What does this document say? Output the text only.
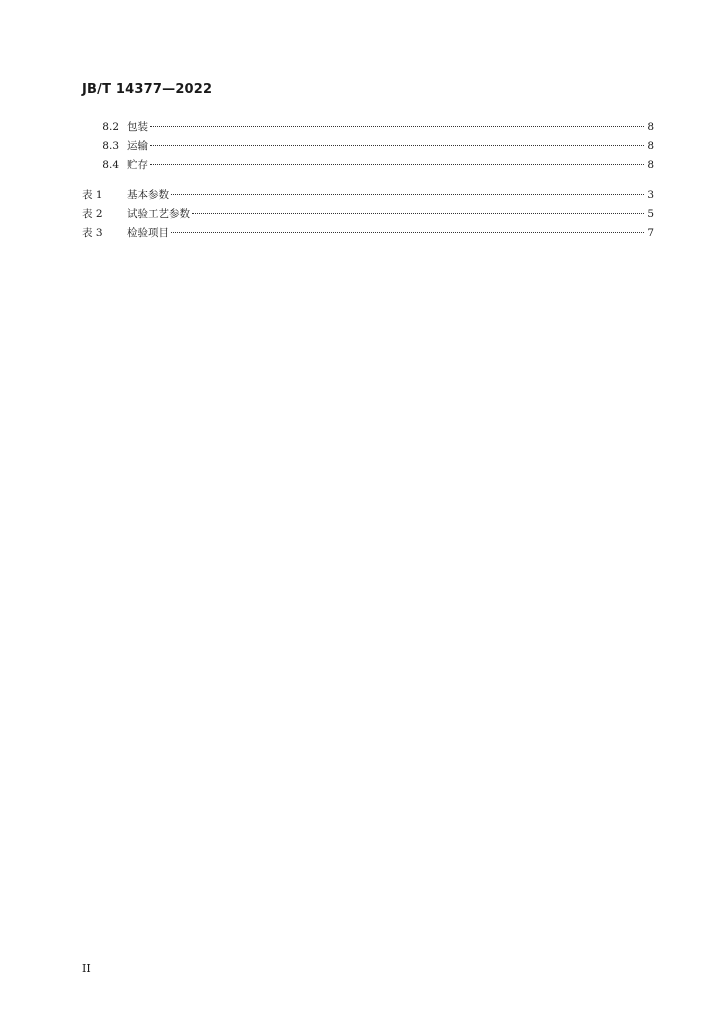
JB/T 14377—2022
8.2 包装	8
8.3 运输	8
8.4 贮存	8
表 1 基本参数	3
表 2 试验工艺参数	5
表 3 检验项目	7
II
